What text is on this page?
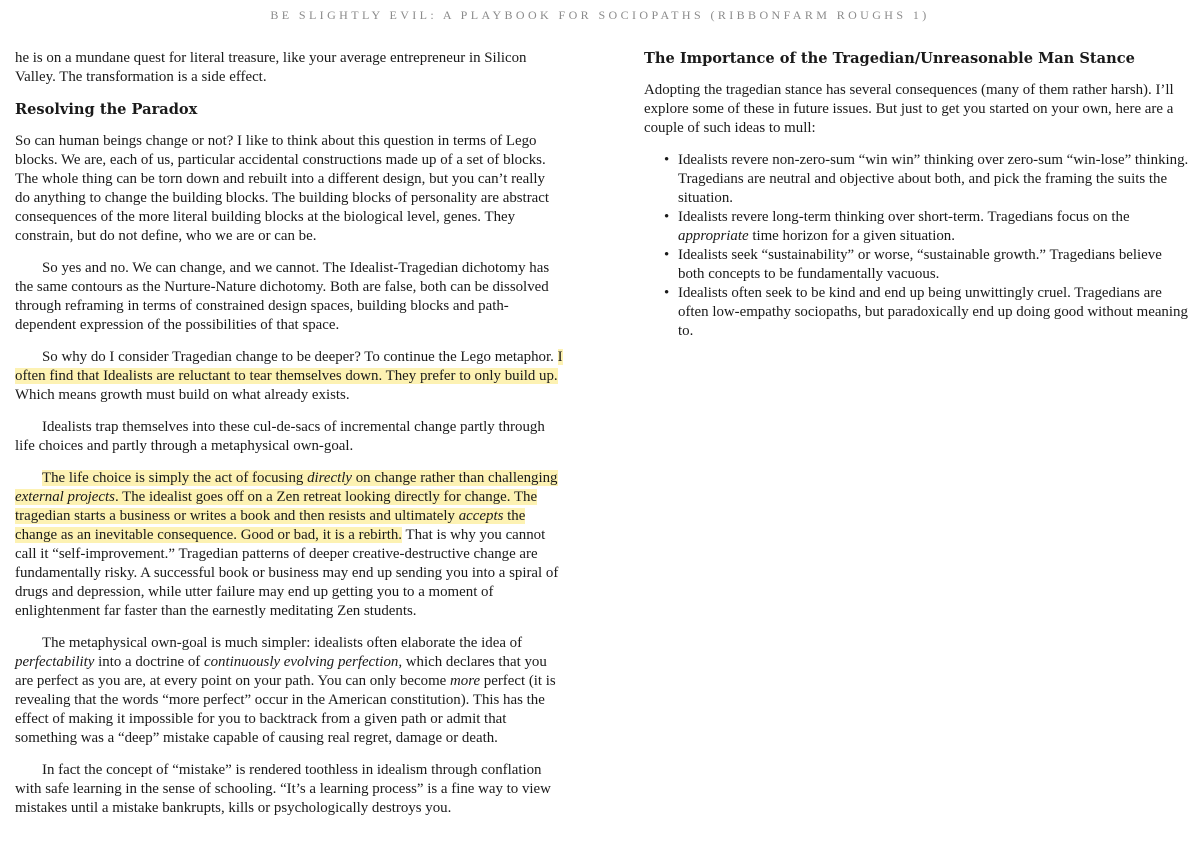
BE SLIGHTLY EVIL: A PLAYBOOK FOR SOCIOPATHS (RIBBONFARM ROUGHS 1)

he is on a mundane quest for literal treasure, like your average entrepreneur in Silicon Valley. The transformation is a side effect.

Resolving the Paradox

So can human beings change or not? I like to think about this question in terms of Lego blocks. We are, each of us, particular accidental constructions made up of a set of blocks. The whole thing can be torn down and rebuilt into a different design, but you can’t really do anything to change the building blocks. The building blocks of personality are abstract consequences of the more literal building blocks at the biological level, genes. They constrain, but do not define, who we are or can be.

So yes and no. We can change, and we cannot. The Idealist-Tragedian dichotomy has the same contours as the Nurture-Nature dichotomy. Both are false, both can be dissolved through reframing in terms of constrained design spaces, building blocks and path-dependent expression of the possibilities of that space.

So why do I consider Tragedian change to be deeper? To continue the Lego metaphor. I often find that Idealists are reluctant to tear themselves down. They prefer to only build up. Which means growth must build on what already exists.

Idealists trap themselves into these cul-de-sacs of incremental change partly through life choices and partly through a metaphysical own-goal.

The life choice is simply the act of focusing directly on change rather than challenging external projects. The idealist goes off on a Zen retreat looking directly for change. The tragedian starts a business or writes a book and then resists and ultimately accepts the change as an inevitable consequence. Good or bad, it is a rebirth. That is why you cannot call it “self-improvement.” Tragedian patterns of deeper creative-destructive change are fundamentally risky. A successful book or business may end up sending you into a spiral of drugs and depression, while utter failure may end up getting you to a moment of enlightenment far faster than the earnestly meditating Zen students.

The metaphysical own-goal is much simpler: idealists often elaborate the idea of perfectability into a doctrine of continuously evolving perfection, which declares that you are perfect as you are, at every point on your path. You can only become more perfect (it is revealing that the words “more perfect” occur in the American constitution). This has the effect of making it impossible for you to backtrack from a given path or admit that something was a “deep” mistake capable of causing real regret, damage or death.

In fact the concept of “mistake” is rendered toothless in idealism through conflation with safe learning in the sense of schooling. “It’s a learning process” is a fine way to view mistakes until a mistake bankrupts, kills or psychologically destroys you.

The Importance of the Tragedian/Unreasonable Man Stance

Adopting the tragedian stance has several consequences (many of them rather harsh). I’ll explore some of these in future issues. But just to get you started on your own, here are a couple of such ideas to mull:

• Idealists revere non-zero-sum “win win” thinking over zero-sum “win-lose” thinking. Tragedians are neutral and objective about both, and pick the framing the suits the situation.
• Idealists revere long-term thinking over short-term. Tragedians focus on the appropriate time horizon for a given situation.
• Idealists seek “sustainability” or worse, “sustainable growth.” Tragedians believe both concepts to be fundamentally vacuous.
• Idealists often seek to be kind and end up being unwittingly cruel. Tragedians are often low-empathy sociopaths, but paradoxically end up doing good without meaning to.
